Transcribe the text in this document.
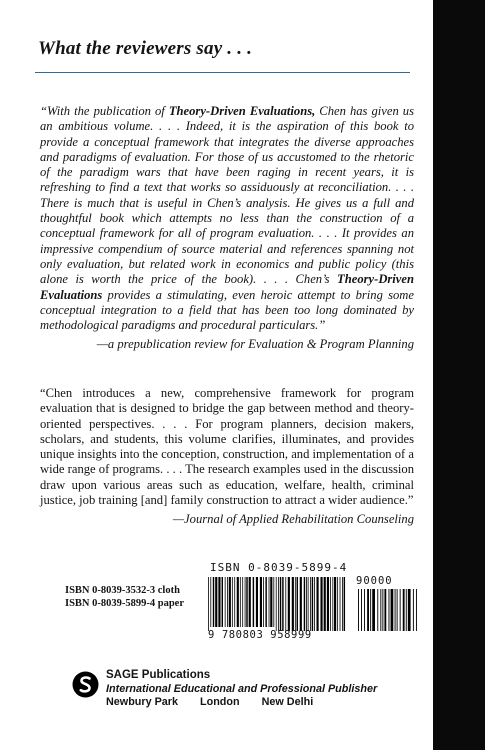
What the reviewers say . . .

“With the publication of Theory-Driven Evaluations, Chen has given us an ambitious volume. . . . Indeed, it is the aspiration of this book to provide a conceptual framework that integrates the diverse approaches and paradigms of evaluation. For those of us accustomed to the rhetoric of the paradigm wars that have been raging in recent years, it is refreshing to find a text that works so assiduously at reconciliation. . . . There is much that is useful in Chen’s analysis. He gives us a full and thoughtful book which attempts no less than the construction of a conceptual framework for all of program evaluation. . . . It provides an impressive compendium of source material and references spanning not only evaluation, but related work in economics and public policy (this alone is worth the price of the book). . . . Chen’s Theory-Driven Evaluations provides a stimulating, even heroic attempt to bring some conceptual integration to a field that has been too long dominated by methodological paradigms and procedural particulars.”

—a prepublication review for Evaluation & Program Planning

“Chen introduces a new, comprehensive framework for program evaluation that is designed to bridge the gap between method and theory-oriented perspectives. . . . For program planners, decision makers, scholars, and students, this volume clarifies, illuminates, and provides unique insights into the conception, construction, and implementation of a wide range of programs. . . . The research examples used in the discussion draw upon various areas such as education, welfare, health, criminal justice, job training [and] family construction to attract a wider audience.”

—Journal of Applied Rehabilitation Counseling
ISBN 0-8039-3532-3 cloth
ISBN 0-8039-5899-4 paper
ISBN 0-8039-5899-4
90000
9 780803 958999
SAGE Publications
International Educational and Professional Publisher
Newbury Park London New Delhi
